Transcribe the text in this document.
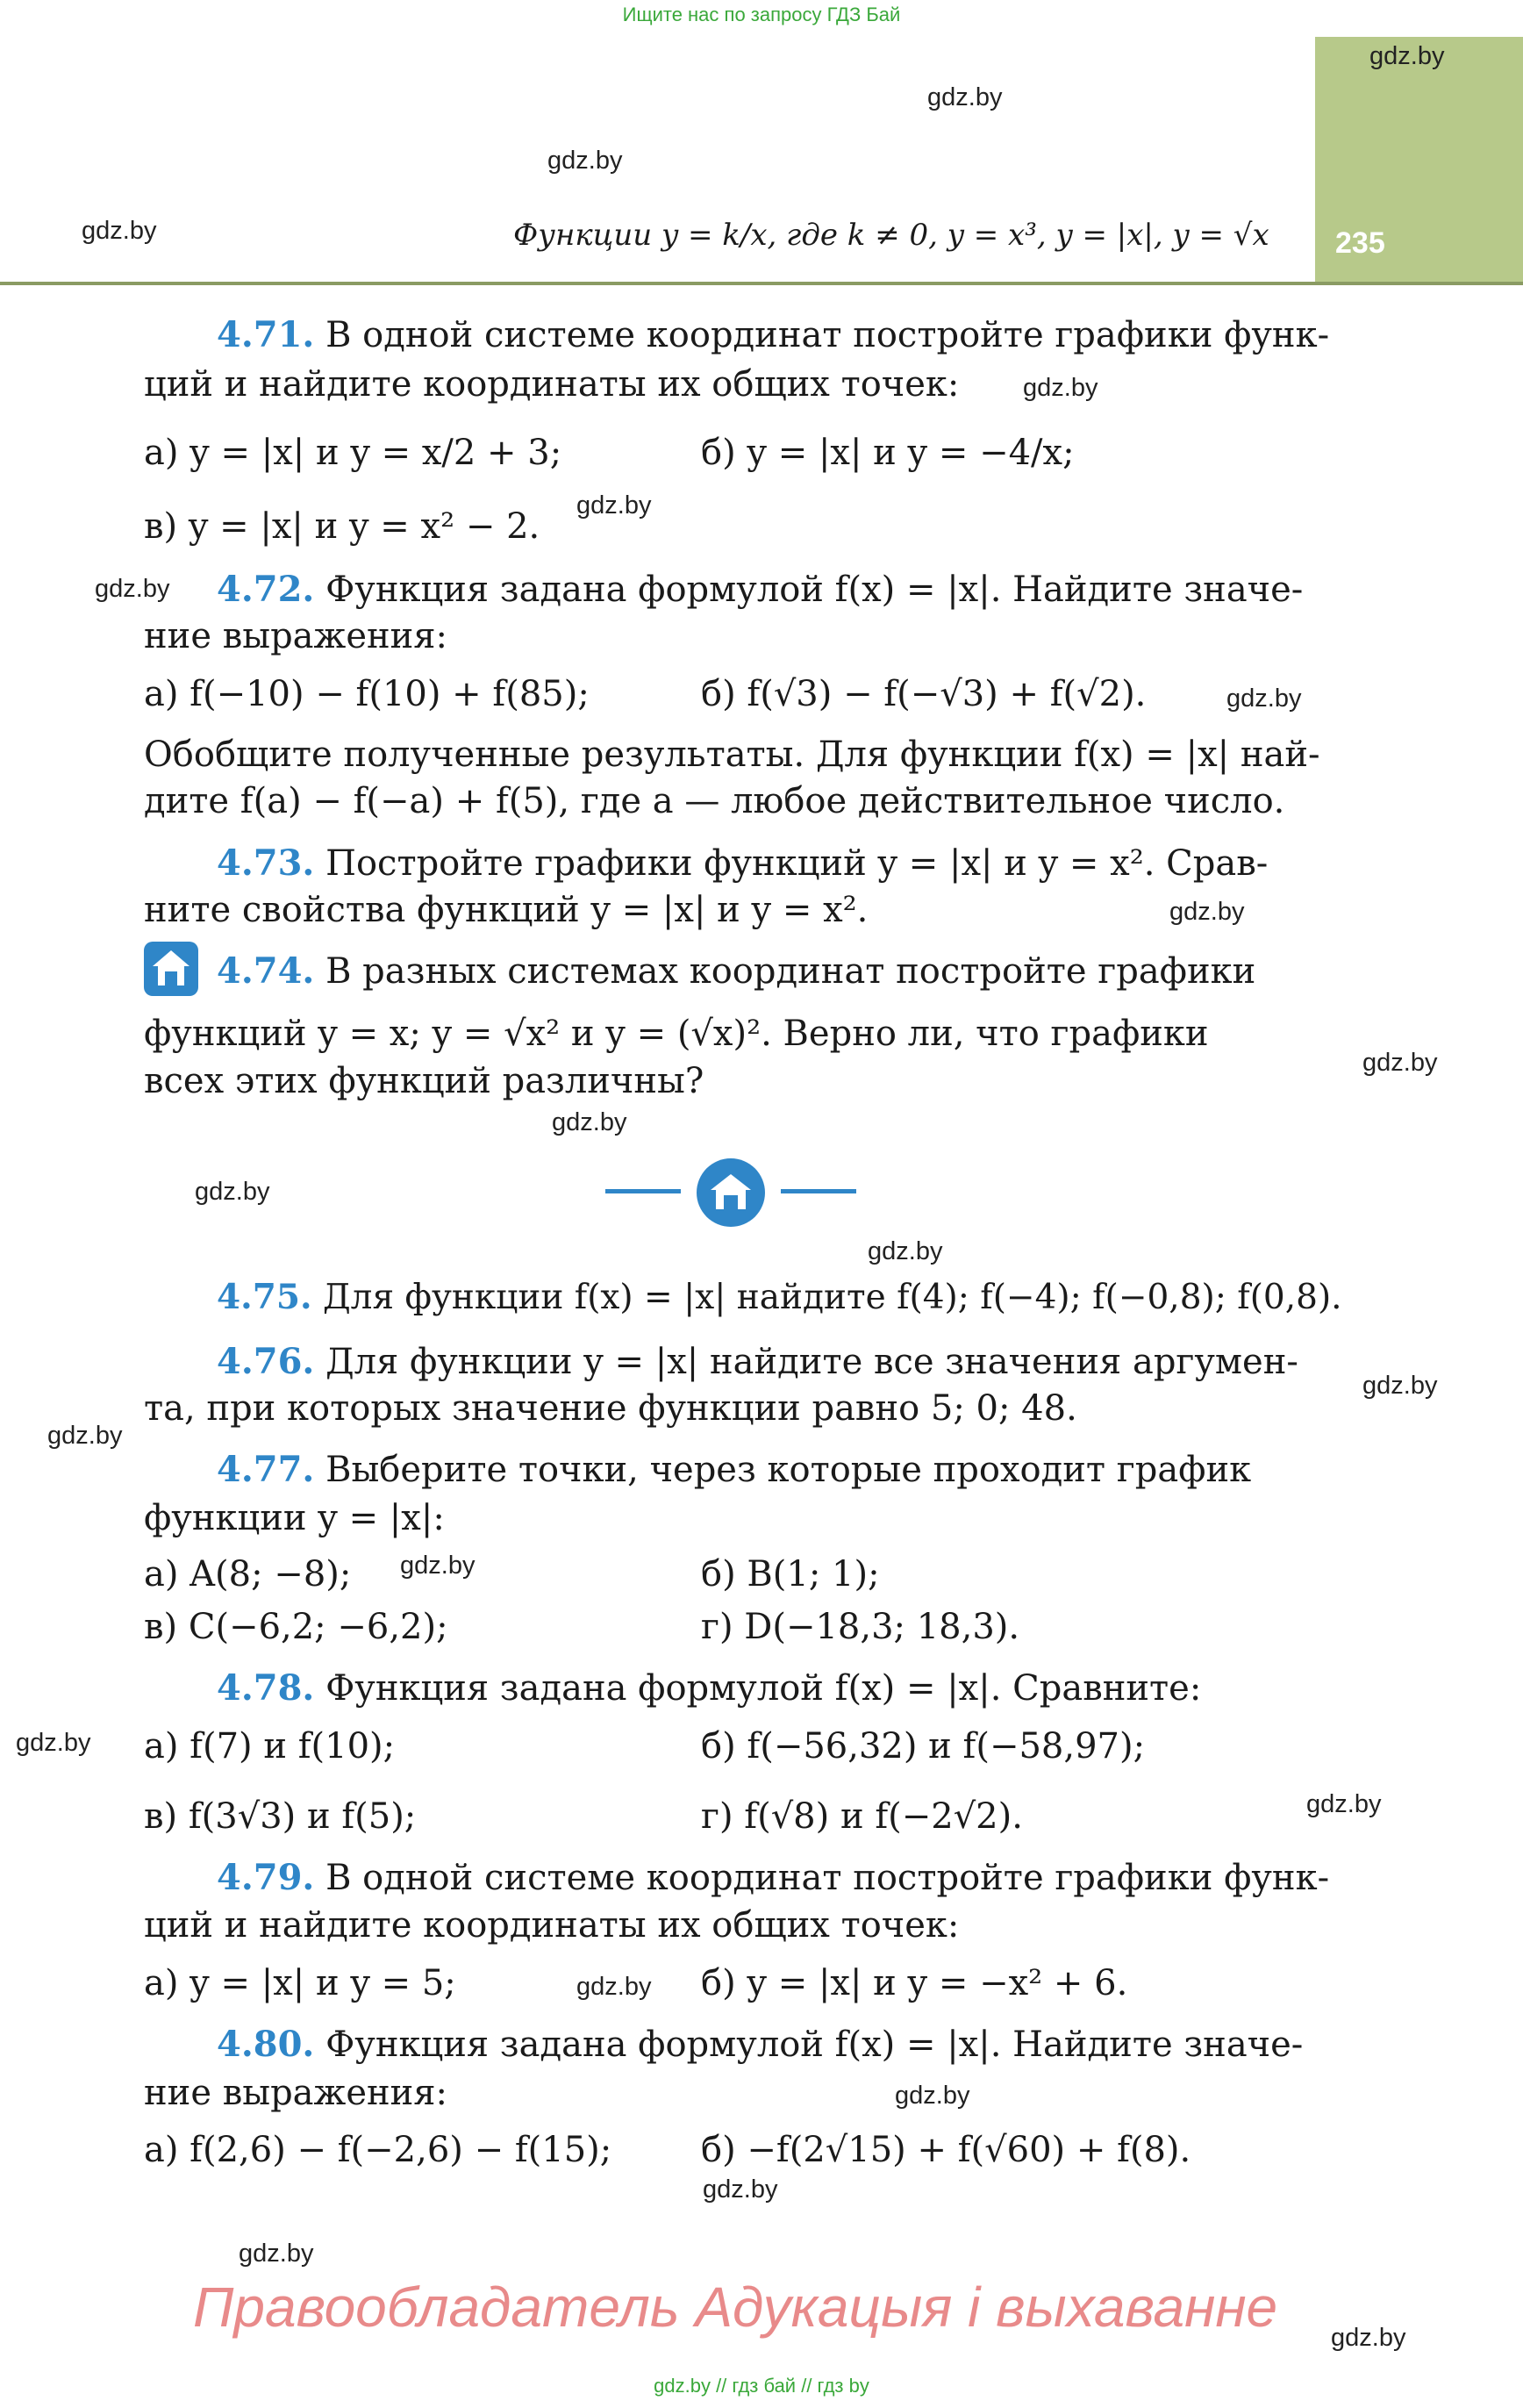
Ищите нас по запросу ГДЗ Бай
235
Функции y = k/x, где k ≠ 0, y = x³, y = |x|, y = √x
gdz.by
gdz.by
gdz.by
gdz.by
gdz.by
gdz.by
gdz.by
gdz.by
gdz.by
gdz.by
gdz.by
gdz.by
gdz.by
gdz.by
gdz.by
gdz.by
gdz.by
gdz.by
gdz.by
gdz.by
gdz.by
gdz.by
gdz.by
4.71. В одной системе координат постройте графики функ-
ций и найдите координаты их общих точек:
а) y = |x| и y = x/2 + 3;	б) y = |x| и y = −4/x;
в) y = |x| и y = x² − 2.
4.72. Функция задана формулой f(x) = |x|. Найдите значе-
ние выражения:
а) f(−10) − f(10) + f(85);	б) f(√3) − f(−√3) + f(√2).
Обобщите полученные результаты. Для функции f(x) = |x| най-
дите f(a) − f(−a) + f(5), где a — любое действительное число.
4.73. Постройте графики функций y = |x| и y = x². Срав-
ните свойства функций y = |x| и y = x².
4.74. В разных системах координат постройте графики
функций y = x; y = √x² и y = (√x)². Верно ли, что графики
всех этих функций различны?
4.75. Для функции f(x) = |x| найдите f(4); f(−4); f(−0,8); f(0,8).
4.76. Для функции y = |x| найдите все значения аргумен-
та, при которых значение функции равно 5; 0; 48.
4.77. Выберите точки, через которые проходит график
функции y = |x|:
а) A(8; −8);	б) B(1; 1);
в) C(−6,2; −6,2);	г) D(−18,3; 18,3).
4.78. Функция задана формулой f(x) = |x|. Сравните:
а) f(7) и f(10);	б) f(−56,32) и f(−58,97);
в) f(3√3) и f(5);	г) f(√8) и f(−2√2).
4.79. В одной системе координат постройте графики функ-
ций и найдите координаты их общих точек:
а) y = |x| и y = 5;	б) y = |x| и y = −x² + 6.
4.80. Функция задана формулой f(x) = |x|. Найдите значе-
ние выражения:
а) f(2,6) − f(−2,6) − f(15);	б) −f(2√15) + f(√60) + f(8).
Правообладатель Адукацыя і выхаванне
gdz.by // гдз бай // гдз by
